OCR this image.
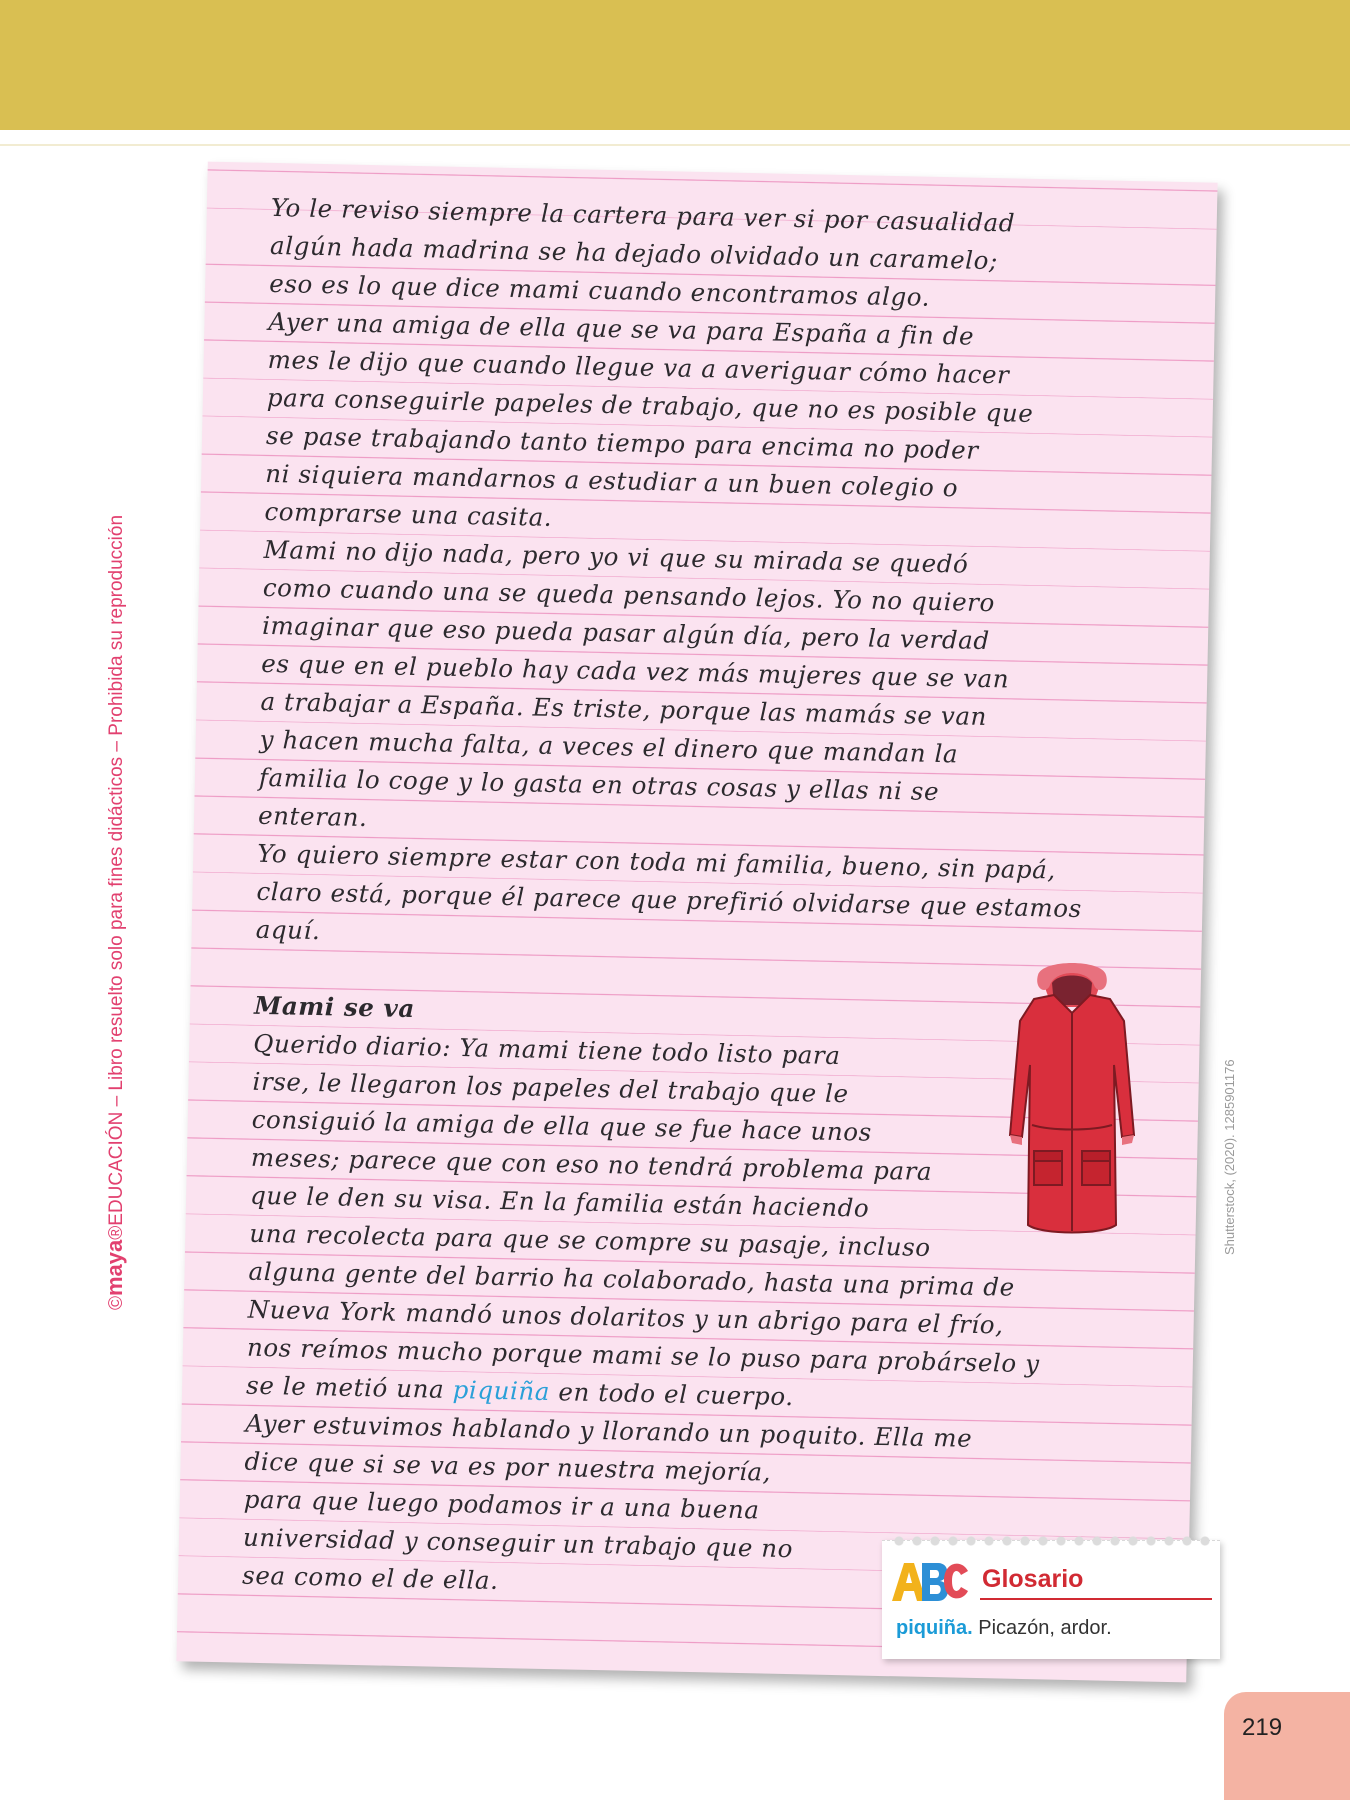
©maya®EDUCACIÓN – Libro resuelto solo para fines didácticos – Prohibida su reproducción
Yo le reviso siempre la cartera para ver si por casualidad
algún hada madrina se ha dejado olvidado un caramelo;
eso es lo que dice mami cuando encontramos algo.
Ayer una amiga de ella que se va para España a fin de
mes le dijo que cuando llegue va a averiguar cómo hacer
para conseguirle papeles de trabajo, que no es posible que
se pase trabajando tanto tiempo para encima no poder
ni siquiera mandarnos a estudiar a un buen colegio o
comprarse una casita.
Mami no dijo nada, pero yo vi que su mirada se quedó
como cuando una se queda pensando lejos. Yo no quiero
imaginar que eso pueda pasar algún día, pero la verdad
es que en el pueblo hay cada vez más mujeres que se van
a trabajar a España. Es triste, porque las mamás se van
y hacen mucha falta, a veces el dinero que mandan la
familia lo coge y lo gasta en otras cosas y ellas ni se
enteran.
Yo quiero siempre estar con toda mi familia, bueno, sin papá,
claro está, porque él parece que prefirió olvidarse que estamos
aquí.
Mami se va
Querido diario: Ya mami tiene todo listo para
irse, le llegaron los papeles del trabajo que le
consiguió la amiga de ella que se fue hace unos
meses; parece que con eso no tendrá problema para
que le den su visa. En la familia están haciendo
una recolecta para que se compre su pasaje, incluso
alguna gente del barrio ha colaborado, hasta una prima de
Nueva York mandó unos dolaritos y un abrigo para el frío,
nos reímos mucho porque mami se lo puso para probárselo y
se le metió una piquiña en todo el cuerpo.
Ayer estuvimos hablando y llorando un poquito. Ella me
dice que si se va es por nuestra mejoría,
para que luego podamos ir a una buena
universidad y conseguir un trabajo que no
sea como el de ella.
Shutterstock, (2020). 1285901176
Glosario
piquiña. Picazón, ardor.
219
